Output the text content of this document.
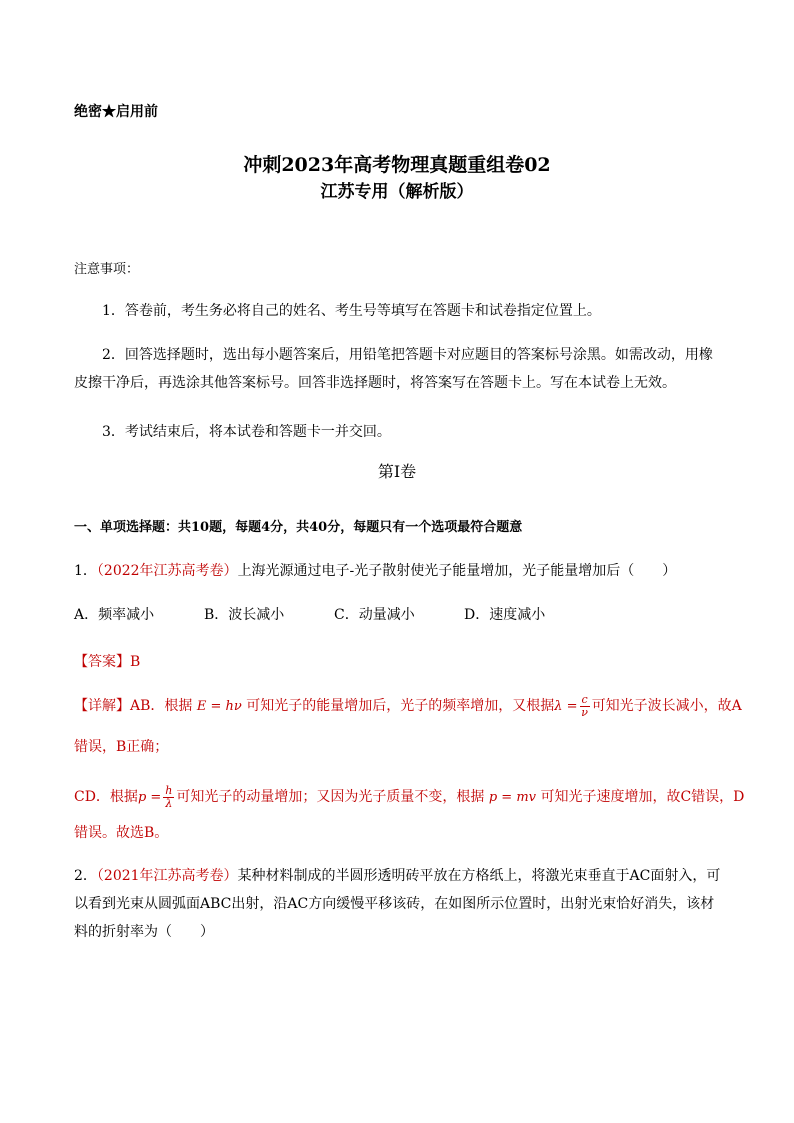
绝密★启用前
冲刺2023年高考物理真题重组卷02
江苏专用（解析版）
注意事项：
1．答卷前，考生务必将自己的姓名、考生号等填写在答题卡和试卷指定位置上。
2．回答选择题时，选出每小题答案后，用铅笔把答题卡对应题目的答案标号涂黑。如需改动，用橡皮擦干净后，再选涂其他答案标号。回答非选择题时，将答案写在答题卡上。写在本试卷上无效。
3．考试结束后，将本试卷和答题卡一并交回。
第Ⅰ卷
一、单项选择题：共10题，每题4分，共40分，每题只有一个选项最符合题意
1．（2022年江苏高考卷）上海光源通过电子-光子散射使光子能量增加，光子能量增加后（　　）
A．频率减小	B．波长减小	C．动量减小	D．速度减小
【答案】B
【详解】AB．根据 E = hν 可知光子的能量增加后，光子的频率增加，又根据$\lambda = \frac{c}{\nu}$ 可知光子波长减小，故A
错误，B正确；
CD．根据$p = \frac{h}{\lambda}$ 可知光子的动量增加；又因为光子质量不变，根据 p = mv 可知光子速度增加，故C错误，D
错误。故选B。
2．（2021年江苏高考卷）某种材料制成的半圆形透明砖平放在方格纸上，将激光束垂直于AC面射入，可以看到光束从圆弧面ABC出射，沿AC方向缓慢平移该砖，在如图所示位置时，出射光束恰好消失，该材料的折射率为（　　）
